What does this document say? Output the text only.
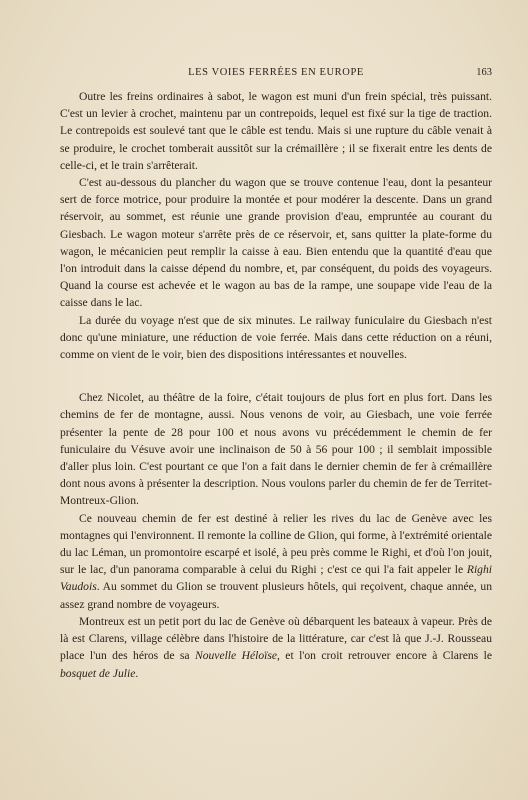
LES VOIES FERRÉES EN EUROPE	163

Outre les freins ordinaires à sabot, le wagon est muni d'un frein spécial, très puissant. C'est un levier à crochet, maintenu par un contrepoids, lequel est fixé sur la tige de traction. Le contrepoids est soulevé tant que le câble est tendu. Mais si une rupture du câble venait à se produire, le crochet tomberait aussitôt sur la crémaillère ; il se fixerait entre les dents de celle-ci, et le train s'arrêterait.

C'est au-dessous du plancher du wagon que se trouve contenue l'eau, dont la pesanteur sert de force motrice, pour produire la montée et pour modérer la descente. Dans un grand réservoir, au sommet, est réunie une grande provision d'eau, empruntée au courant du Giesbach. Le wagon moteur s'arrête près de ce réservoir, et, sans quitter la plate-forme du wagon, le mécanicien peut remplir la caisse à eau. Bien entendu que la quantité d'eau que l'on introduit dans la caisse dépend du nombre, et, par conséquent, du poids des voyageurs. Quand la course est achevée et le wagon au bas de la rampe, une soupape vide l'eau de la caisse dans le lac.

La durée du voyage n'est que de six minutes. Le railway funiculaire du Giesbach n'est donc qu'une miniature, une réduction de voie ferrée. Mais dans cette réduction on a réuni, comme on vient de le voir, bien des dispositions intéressantes et nouvelles.

Chez Nicolet, au théâtre de la foire, c'était toujours de plus fort en plus fort. Dans les chemins de fer de montagne, aussi. Nous venons de voir, au Giesbach, une voie ferrée présenter la pente de 28 pour 100 et nous avons vu précédemment le chemin de fer funiculaire du Vésuve avoir une inclinaison de 50 à 56 pour 100 ; il semblait impossible d'aller plus loin. C'est pourtant ce que l'on a fait dans le dernier chemin de fer à crémaillère dont nous avons à présenter la description. Nous voulons parler du chemin de fer de Territet-Montreux-Glion.

Ce nouveau chemin de fer est destiné à relier les rives du lac de Genève avec les montagnes qui l'environnent. Il remonte la colline de Glion, qui forme, à l'extrémité orientale du lac Léman, un promontoire escarpé et isolé, à peu près comme le Righi, et d'où l'on jouit, sur le lac, d'un panorama comparable à celui du Righi ; c'est ce qui l'a fait appeler le Righi Vaudois. Au sommet du Glion se trouvent plusieurs hôtels, qui reçoivent, chaque année, un assez grand nombre de voyageurs.

Montreux est un petit port du lac de Genève où débarquent les bateaux à vapeur. Près de là est Clarens, village célèbre dans l'histoire de la littérature, car c'est là que J.-J. Rousseau place l'un des héros de sa Nouvelle Héloïse, et l'on croit retrouver encore à Clarens le bosquet de Julie.
